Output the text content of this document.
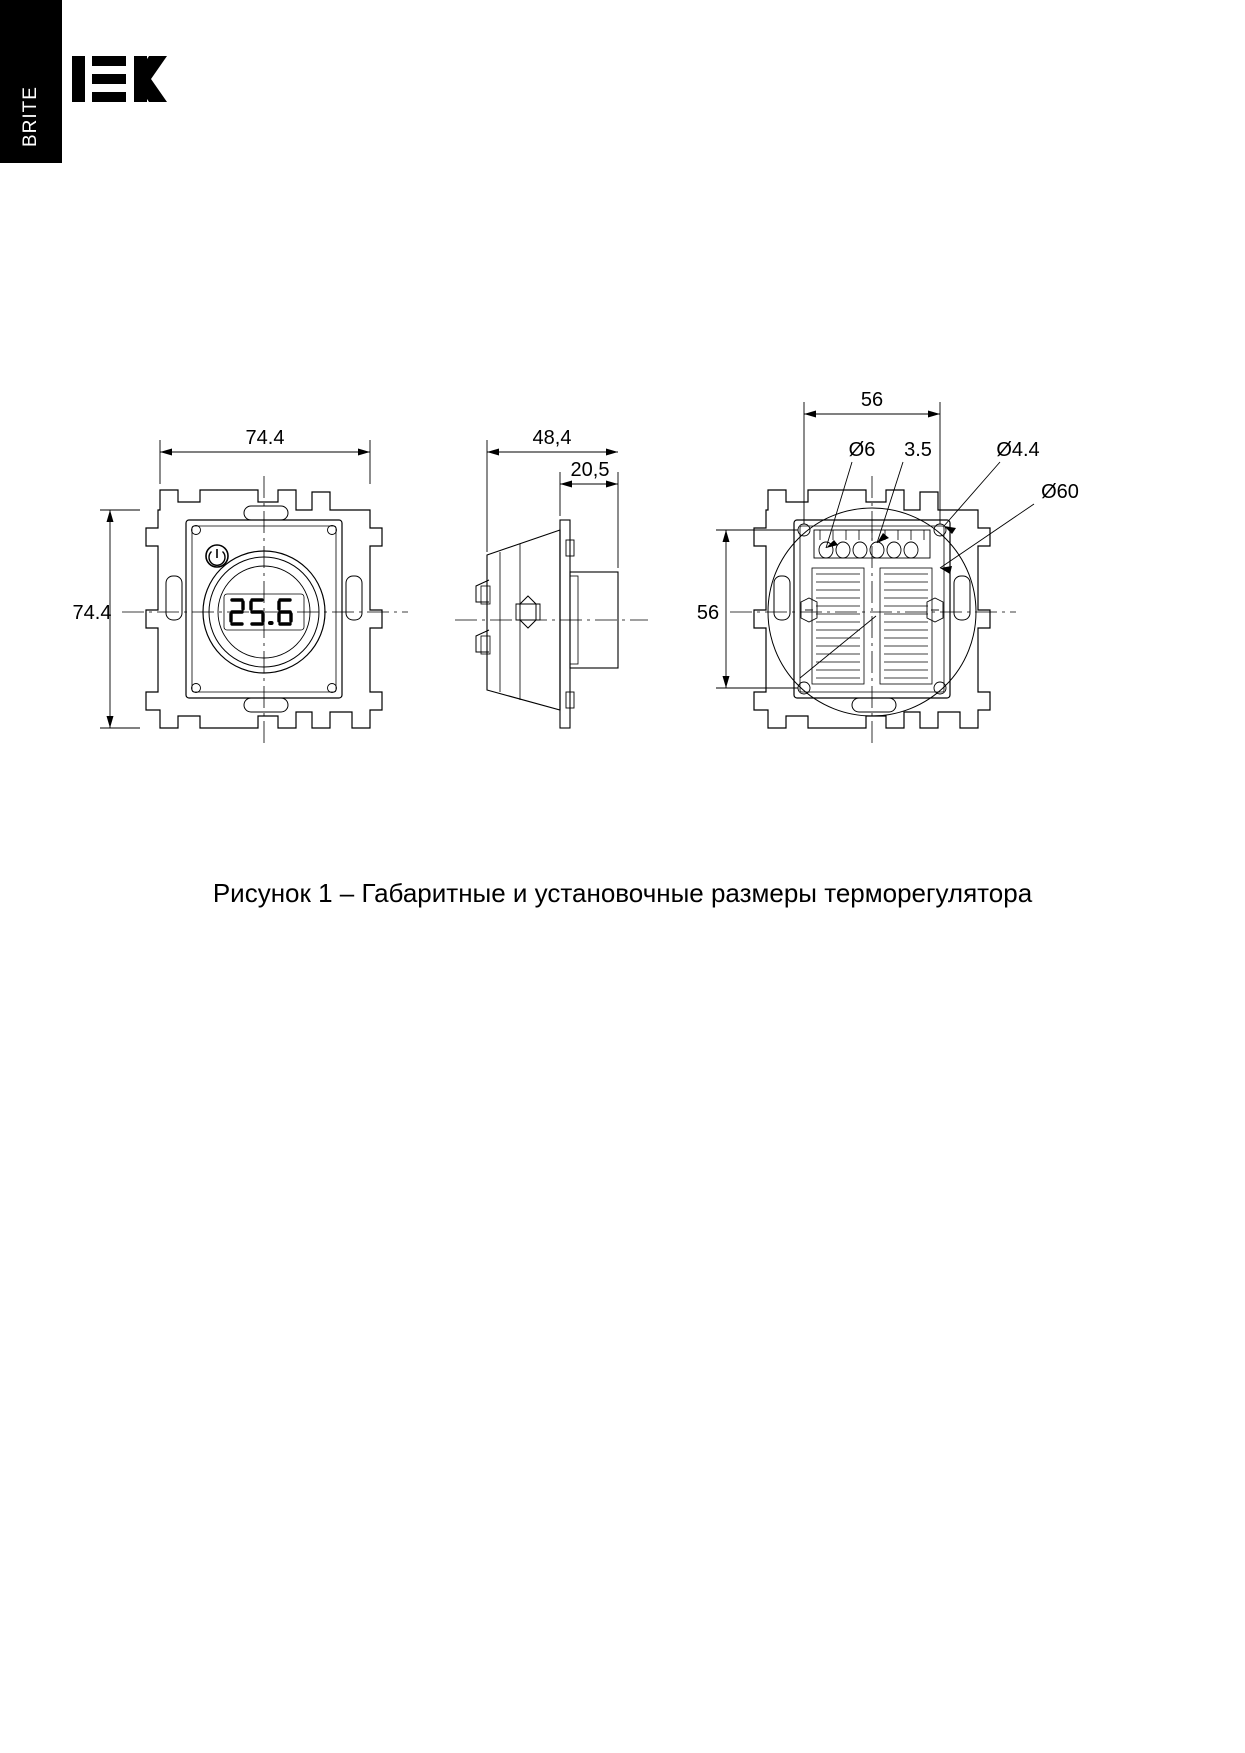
BRITE
74.4
74.4
48,4
20,5
56
56
Ø6 3.5	Ø4.4
Ø60
Рисунок 1 – Габаритные и установочные размеры терморегулятора
